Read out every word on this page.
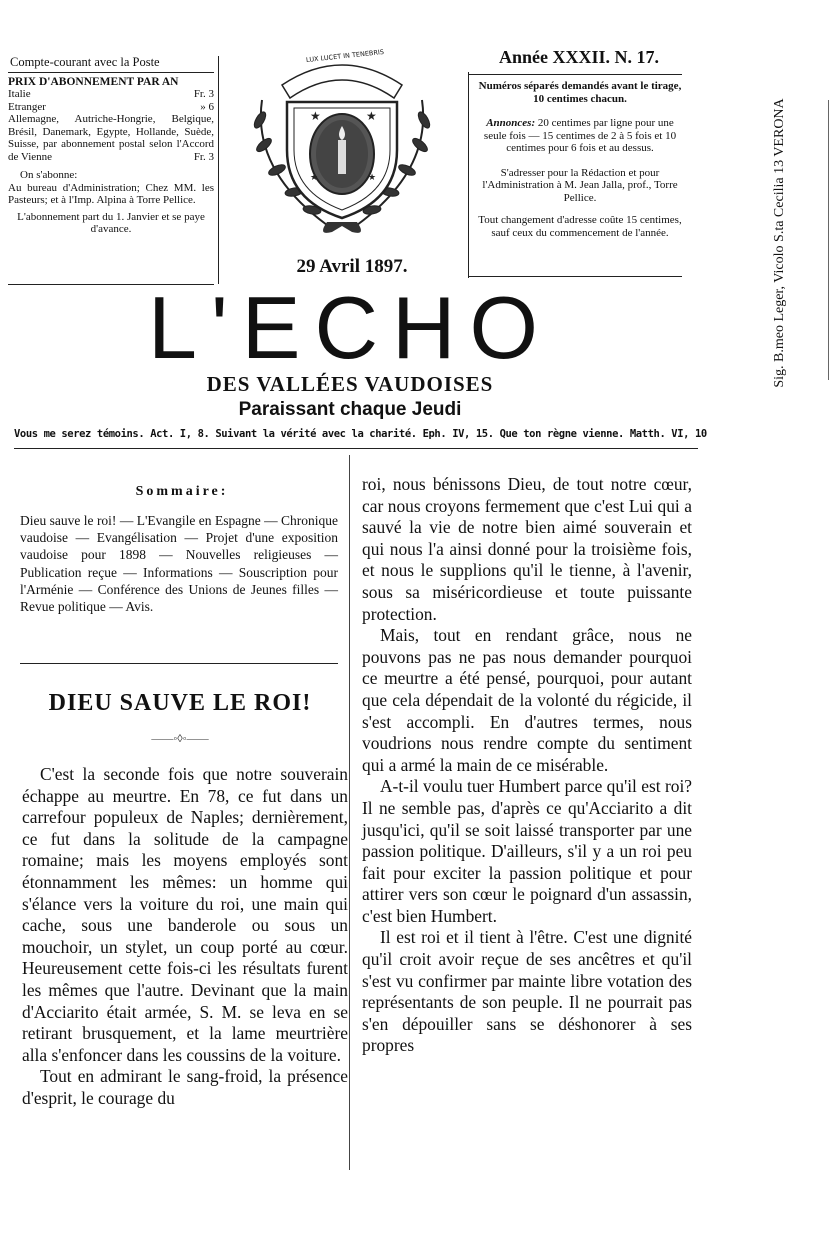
Compte-courant avec la Poste
PRIX D'ABONNEMENT PAR AN
Italie	Fr. 3
Etranger	» 6
Allemagne, Autriche-Hongrie, Belgique, Brésil, Danemark, Egypte, Hollande, Suède, Suisse, par abonnement postal selon l'Accord de Vienne	Fr. 3
On s'abonne:
Au bureau d'Administration; Chez MM. les Pasteurs; et à l'Imp. Alpina à Torre Pellice.
L'abonnement part du 1. Janvier et se paye d'avance.
★	★
★	★
LUX LUCET IN TENEBRIS
29 Avril 1897.
Année XXXII. N. 17.
Numéros séparés demandés avant le tirage, 10 centimes chacun.
Annonces: 20 centimes par ligne pour une seule fois — 15 centimes de 2 à 5 fois et 10 centimes pour 6 fois et au dessus.
S'adresser pour la Rédaction et pour l'Administration à M. Jean Jalla, prof., Torre Pellice.
Tout changement d'adresse coûte 15 centimes, sauf ceux du commencement de l'année.	Sig. B.meo Leger, Vicolo S.ta Cecilia 13 VERONA
L'ECHO
DES VALLÉES VAUDOISES
Paraissant chaque Jeudi
Vous me serez témoins. Act. I, 8. Suivant la vérité avec la charité. Eph. IV, 15. Que ton règne vienne. Matth. VI, 10
Sommaire:
Dieu sauve le roi! — L'Evangile en Espagne — Chronique vaudoise — Evangélisation — Projet d'une exposition vaudoise pour 1898 — Nouvelles religieuses — Publication reçue — Informations — Souscription pour l'Arménie — Conférence des Unions de Jeunes filles — Revue politique — Avis.
DIEU SAUVE LE ROI!
——◦◊◦——

C'est la seconde fois que notre souverain échappe au meurtre. En 78, ce fut dans un carrefour populeux de Naples; dernièrement, ce fut dans la solitude de la campagne romaine; mais les moyens employés sont étonnamment les mêmes: un homme qui s'élance vers la voiture du roi, une main qui cache, sous une banderole ou sous un mouchoir, un stylet, un coup porté au cœur. Heureusement cette fois-ci les résultats furent les mêmes que l'autre. Devinant que la main d'Acciarito était armée, S. M. se leva en se retirant brusquement, et la lame meurtrière alla s'enfoncer dans les coussins de la voiture.

Tout en admirant le sang-froid, la présence d'esprit, le courage du

roi, nous bénissons Dieu, de tout notre cœur, car nous croyons fermement que c'est Lui qui a sauvé la vie de notre bien aimé souverain et qui nous l'a ainsi donné pour la troisième fois, et nous le supplions qu'il le tienne, à l'avenir, sous sa miséricordieuse et toute puissante protection.

Mais, tout en rendant grâce, nous ne pouvons pas ne pas nous demander pourquoi ce meurtre a été pensé, pourquoi, pour autant que cela dépendait de la volonté du régicide, il s'est accompli. En d'autres termes, nous voudrions nous rendre compte du sentiment qui a armé la main de ce misérable.

A-t-il voulu tuer Humbert parce qu'il est roi? Il ne semble pas, d'après ce qu'Acciarito a dit jusqu'ici, qu'il se soit laissé transporter par une passion politique. D'ailleurs, s'il y a un roi peu fait pour exciter la passion politique et pour attirer vers son cœur le poignard d'un assassin, c'est bien Humbert.

Il est roi et il tient à l'être. C'est une dignité qu'il croit avoir reçue de ses ancêtres et qu'il s'est vu confirmer par mainte libre votation des représentants de son peuple. Il ne pourrait pas s'en dépouiller sans se déshonorer à ses propres
